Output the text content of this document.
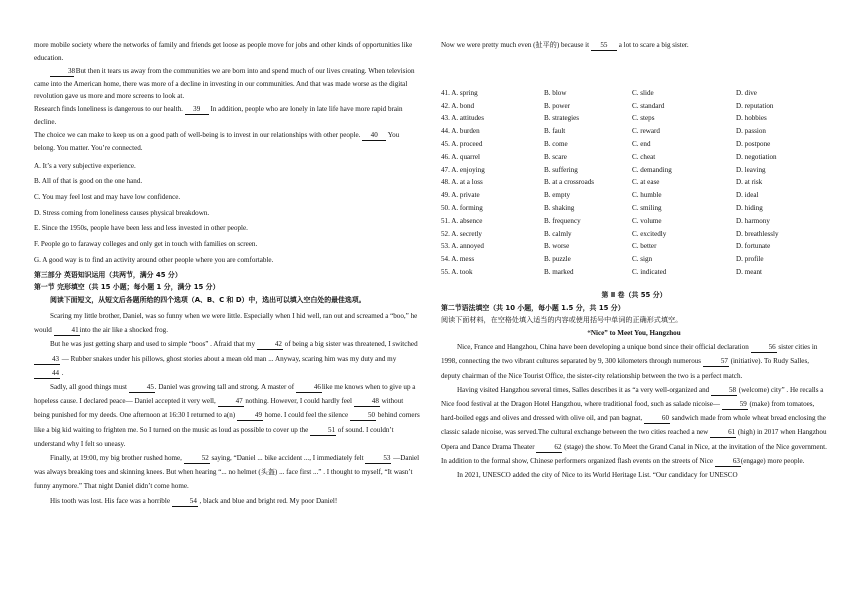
more mobile society where the networks of family and friends get loose as people move for jobs and other kinds of opportunities like education.

38 But then it tears us away from the communities we are born into and spend much of our lives creating. When television came into the American home, there was more of a decline in investing in our communities. And that was made worse as the digital revolution gave us more and more screens to look at.

Research finds loneliness is dangerous to our health. 39 In addition, people who are lonely in late life have more rapid brain decline.

The choice we can make to keep us on a good path of well-being is to invest in our relationships with other people. 40 You belong. You matter. You’re connected.

A. It’s a very subjective experience.
B. All of that is good on the one hand.
C. You may feel lost and may have low confidence.
D. Stress coming from loneliness causes physical breakdown.
E. Since the 1950s, people have been less and less invested in other people.
F. People go to faraway colleges and only get in touch with families on screen.
G. A good way is to find an activity around other people where you are comfortable.
第三部分 英语知识运用（共两节，满分 45 分）
第一节 完形填空（共 15 小题；每小题 1 分，满分 15 分）
阅读下面短文，从短文后各题所给的四个选项（A、B、C 和 D）中，选出可以填入空白处的最佳选项。

Scaring my little brother, Daniel, was so funny when we were little. Especially when I hid well, ran out and screamed a “boo,” he would	41into the air like a shocked frog.

But he was just getting sharp and used to simple “boos” . Afraid that my	42 of being a big sister was threatened, I switched 43 — Rubber snakes under his pillows, ghost stories about a mean old man ... Anyway, scaring him was my duty and my 44 .

Sadly, all good things must	45. Daniel was growing tall and strong. A master of	46like me knows when to give up a hopeless cause. I declared peace— Daniel accepted it very well,	47 nothing. However, I could hardly feel	48 without being punished for my deeds. One afternoon at 16:30 I returned to a(n)	49 home. I could feel the silence	50 behind corners like a big kid waiting to frighten me. So I turned on the music as loud as possible to cover up the	51 of sound. I couldn’t understand why I felt so uneasy.

Finally, at 19:00, my big brother rushed home,	52 saying, “Daniel ... bike accident ..., I immediately felt	53 —Daniel was always breaking toes and skinning knees. But when hearing “... no helmet (头盔) ... face first ...” . I thought to myself, “It wasn’t funny anymore.” That night Daniel didn’t come home.

His tooth was lost. His face was a horrible	54 , black and blue and bright red. My poor Daniel!

Now we were pretty much even (扯平的) because it 55 a lot to scare a big sister.

41. A. spring	B. blow	C. slide	D. dive
42. A. bond	B. power	C. standard	D. reputation
43. A. attitudes	B. strategies	C. steps	D. hobbies
44. A. burden	B. fault	C. reward	D. passion
45. A. proceed	B. come	C. end	D. postpone
46. A. quarrel	B. scare	C. cheat	D. negotiation
47. A. enjoying	B. suffering	C. demanding	D. leaving
48. A. at a loss	B. at a crossroads	C. at ease	D. at risk
49. A. private	B. empty	C. humble	D. ideal
50. A. forming	B. shaking	C. smiling	D. hiding
51. A. absence	B. frequency	C. volume	D. harmony
52. A. secretly	B. calmly	C. excitedly	D. breathlessly
53. A. annoyed	B. worse	C. better	D. fortunate
54. A. mess	B. puzzle	C. sign	D. profile
55. A. took	B. marked	C. indicated	D. meant
第 Ⅱ 卷（共 55 分）
第二节语法填空（共 10 小题，每小题 1.5 分，共 15 分）
阅读下面材料，在空格处填入适当的内容或使用括号中单词的正确形式填空。
“Nice” to Meet You, Hangzhou

Nice, France and Hangzhou, China have been developing a unique bond since their official declaration	56 sister cities in 1998, connecting the two vibrant cultures separated by 9, 300 kilometers through numerous	57 (initiative). To Rudy Salles, deputy chairman of the Nice Tourist Office, the sister-city relationship between the two is a perfect match.

Having visited Hangzhou several times, Salles describes it as “a very well-organized and	58 (welcome) city” . He recalls a Nice food festival at the Dragon Hotel Hangzhou, where traditional food, such as salade nicoise—	59 (make) from tomatoes, hard-boiled eggs and olives and dressed with olive oil, and pan bagnat,	60 sandwich made from whole wheat bread enclosing the classic salade nicoise, was served.The cultural exchange between the two cities reached a new	61 (high) in 2017 when Hangzhou Opera and Dance Drama Theater	62 (stage) the show. To Meet the Grand Canal in Nice, at the invitation of the Nice government. In addition to the formal show, Chinese performers organized flash events on the streets of Nice	63(engage) more people.

In 2021, UNESCO added the city of Nice to its World Heritage List. “Our candidacy for UNESCO
